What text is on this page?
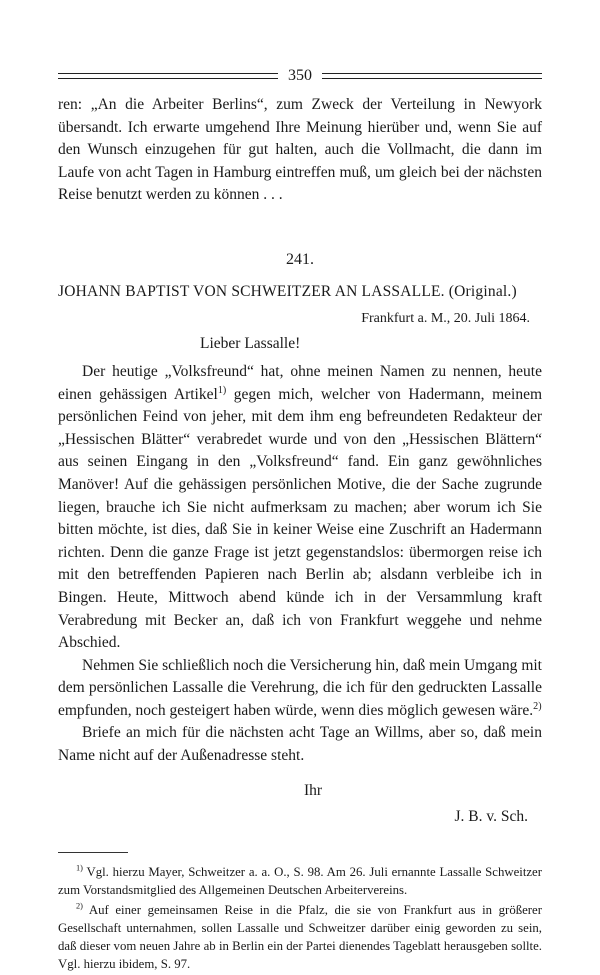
350

ren: „An die Arbeiter Berlins“, zum Zweck der Verteilung in Newyork übersandt. Ich erwarte umgehend Ihre Meinung hierüber und, wenn Sie auf den Wunsch einzugehen für gut halten, auch die Vollmacht, die dann im Laufe von acht Tagen in Hamburg eintreffen muß, um gleich bei der nächsten Reise benutzt werden zu können . . .

241.
JOHANN BAPTIST VON SCHWEITZER AN LASSALLE. (Original.)
Frankfurt a. M., 20. Juli 1864.
Lieber Lassalle!

Der heutige „Volksfreund“ hat, ohne meinen Namen zu nennen, heute einen gehässigen Artikel$^{1)}$ gegen mich, welcher von Hadermann, meinem persönlichen Feind von jeher, mit dem ihm eng befreundeten Redakteur der „Hessischen Blätter“ verabredet wurde und von den „Hessischen Blättern“ aus seinen Eingang in den „Volksfreund“ fand. Ein ganz gewöhnliches Manöver! Auf die gehässigen persönlichen Motive, die der Sache zugrunde liegen, brauche ich Sie nicht aufmerksam zu machen; aber worum ich Sie bitten möchte, ist dies, daß Sie in keiner Weise eine Zuschrift an Hadermann richten. Denn die ganze Frage ist jetzt gegenstandslos: übermorgen reise ich mit den betreffenden Papieren nach Berlin ab; alsdann verbleibe ich in Bingen. Heute, Mittwoch abend künde ich in der Versammlung kraft Verabredung mit Becker an, daß ich von Frankfurt weggehe und nehme Abschied.

Nehmen Sie schließlich noch die Versicherung hin, daß mein Umgang mit dem persönlichen Lassalle die Verehrung, die ich für den gedruckten Lassalle empfunden, noch gesteigert haben würde, wenn dies möglich gewesen wäre.$^{2)}$

Briefe an mich für die nächsten acht Tage an Willms, aber so, daß mein Name nicht auf der Außenadresse steht.

Ihr
J. B. v. Sch.

$^{1)}$ Vgl. hierzu Mayer, Schweitzer a. a. O., S. 98. Am 26. Juli ernannte Lassalle Schweitzer zum Vorstandsmitglied des Allgemeinen Deutschen Arbeitervereins.

$^{2)}$ Auf einer gemeinsamen Reise in die Pfalz, die sie von Frankfurt aus in größerer Gesellschaft unternahmen, sollen Lassalle und Schweitzer darüber einig geworden zu sein, daß dieser vom neuen Jahre ab in Berlin ein der Partei dienendes Tageblatt herausgeben sollte. Vgl. hierzu ibidem, S. 97.
